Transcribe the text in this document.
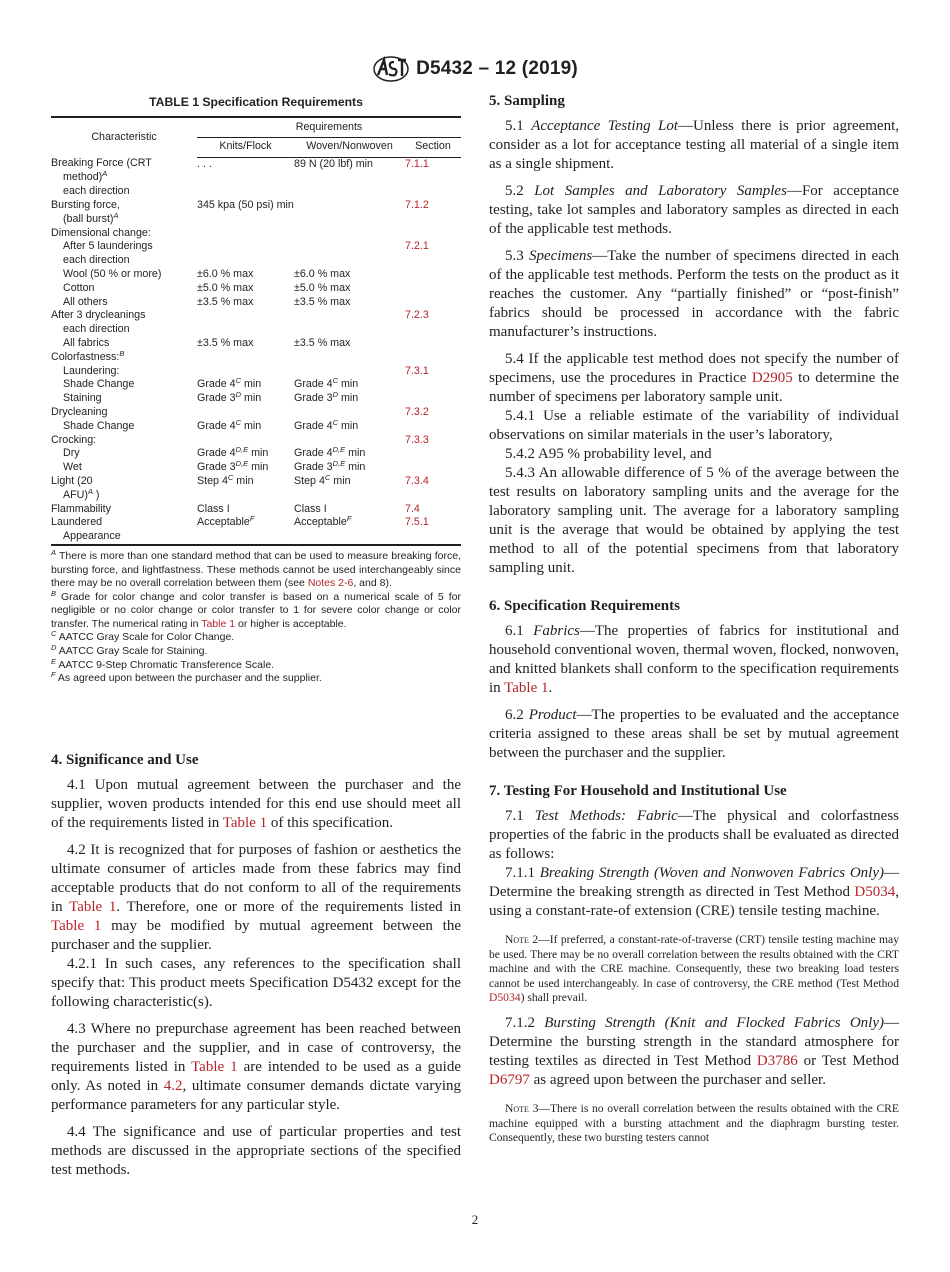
D5432 – 12 (2019)
TABLE 1 Specification Requirements
Characteristic	Requirements		
	Knits/Flock	Woven/Nonwoven	Section
Breaking Force (CRT	. . .	89 N (20 lbf) min	7.1.1
method)$^A$			
each direction			
Bursting force,	345 kpa (50 psi) min		7.1.2
(ball burst)$^A$			
Dimensional change:			
After 5 launderings			7.2.1
each direction			
Wool (50 % or more)	±6.0 % max	±6.0 % max	
Cotton	±5.0 % max	±5.0 % max	
All others	±3.5 % max	±3.5 % max	
After 3 drycleanings			7.2.3
each direction			
All fabrics	±3.5 % max	±3.5 % max	
Colorfastness:$^B$			
Laundering:			7.3.1
Shade Change	Grade $4^C$ min	Grade $4^C$ min	
Staining	Grade $3^D$ min	Grade $3^D$ min	
Drycleaning			7.3.2
Shade Change	Grade $4^C$ min	Grade $4^C$ min	
Crocking:			7.3.3
Dry	Grade $4^{D,E}$ min	Grade $4^{D,E}$ min	
Wet	Grade $3^{D,E}$ min	Grade $3^{D,E}$ min	
Light (20	Step $4^C$ min	Step $4^C$ min	7.3.4
AFU)$^A$ )			
Flammability	Class I	Class I	7.4
Laundered	Acceptable$^F$	Acceptable$^F$	7.5.1
Appearance			

$^A$ There is more than one standard method that can be used to measure breaking force, bursting force, and lightfastness. These methods cannot be used interchangeably since there may be no overall correlation between them (see Notes 2-6, and 8).

$^B$ Grade for color change and color transfer is based on a numerical scale of 5 for negligible or no color change or color transfer to 1 for severe color change or color transfer. The numerical rating in Table 1 or higher is acceptable.

$^C$ AATCC Gray Scale for Color Change.

$^D$ AATCC Gray Scale for Staining.

$^E$ AATCC 9-Step Chromatic Transference Scale.

$^F$ As agreed upon between the purchaser and the supplier.

4. Significance and Use

4.1 Upon mutual agreement between the purchaser and the supplier, woven products intended for this end use should meet all of the requirements listed in Table 1 of this specification.

4.2 It is recognized that for purposes of fashion or aesthetics the ultimate consumer of articles made from these fabrics may find acceptable products that do not conform to all of the requirements in Table 1. Therefore, one or more of the requirements listed in Table 1 may be modified by mutual agreement between the purchaser and the supplier.

4.2.1 In such cases, any references to the specification shall specify that: This product meets Specification D5432 except for the following characteristic(s).

4.3 Where no prepurchase agreement has been reached between the purchaser and the supplier, and in case of controversy, the requirements listed in Table 1 are intended to be used as a guide only. As noted in 4.2, ultimate consumer demands dictate varying performance parameters for any particular style.

4.4 The significance and use of particular properties and test methods are discussed in the appropriate sections of the specified test methods.

5. Sampling

5.1 Acceptance Testing Lot—Unless there is prior agreement, consider as a lot for acceptance testing all material of a single item as a single shipment.

5.2 Lot Samples and Laboratory Samples—For acceptance testing, take lot samples and laboratory samples as directed in each of the applicable test methods.

5.3 Specimens—Take the number of specimens directed in each of the applicable test methods. Perform the tests on the product as it reaches the customer. Any “partially finished” or “post-finish” fabrics should be processed in accordance with the fabric manufacturer’s instructions.

5.4 If the applicable test method does not specify the number of specimens, use the procedures in Practice D2905 to determine the number of specimens per laboratory sample unit.

5.4.1 Use a reliable estimate of the variability of individual observations on similar materials in the user’s laboratory,

5.4.2 A95 % probability level, and

5.4.3 An allowable difference of 5 % of the average between the test results on laboratory sampling units and the average for the laboratory sampling unit. The average for a laboratory sampling unit is the average that would be obtained by applying the test method to all of the potential specimens from that laboratory sampling unit.

6. Specification Requirements

6.1 Fabrics—The properties of fabrics for institutional and household conventional woven, thermal woven, flocked, nonwoven, and knitted blankets shall conform to the specification requirements in Table 1.

6.2 Product—The properties to be evaluated and the acceptance criteria assigned to these areas shall be set by mutual agreement between the purchaser and the supplier.

7. Testing For Household and Institutional Use

7.1 Test Methods: Fabric—The physical and colorfastness properties of the fabric in the products shall be evaluated as directed as follows:

7.1.1 Breaking Strength (Woven and Nonwoven Fabrics Only)—Determine the breaking strength as directed in Test Method D5034, using a constant-rate-of extension (CRE) tensile testing machine.

Note 2—If preferred, a constant-rate-of-traverse (CRT) tensile testing machine may be used. There may be no overall correlation between the results obtained with the CRT machine and with the CRE machine. Consequently, these two breaking load testers cannot be used interchangeably. In case of controversy, the CRE method (Test Method D5034) shall prevail.

7.1.2 Bursting Strength (Knit and Flocked Fabrics Only)—Determine the bursting strength in the standard atmosphere for testing textiles as directed in Test Method D3786 or Test Method D6797 as agreed upon between the purchaser and seller.

Note 3—There is no overall correlation between the results obtained with the CRE machine equipped with a bursting attachment and the diaphragm bursting tester. Consequently, these two bursting testers cannot

2
